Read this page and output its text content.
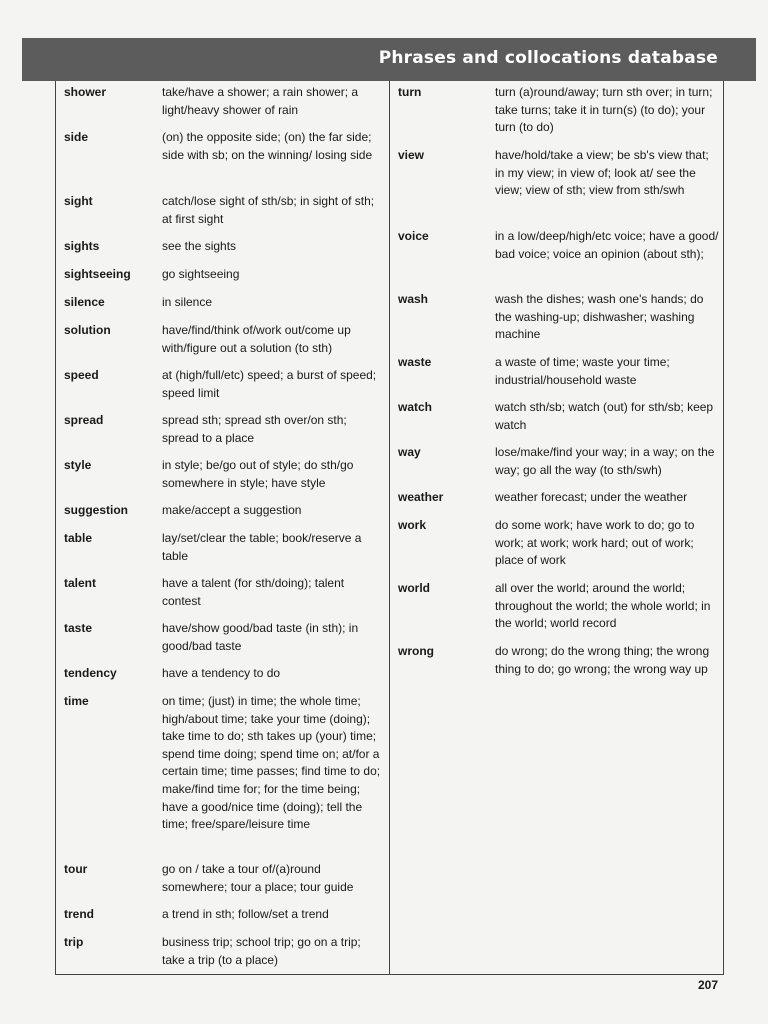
Phrases and collocations database
shower	take/have a shower; a rain shower; a light/heavy shower of rain
side	(on) the opposite side; (on) the far side; side with sb; on the winning/ losing side
sight	catch/lose sight of sth/sb; in sight of sth; at first sight
sights	see the sights
sightseeing	go sightseeing
silence	in silence
solution	have/find/think of/work out/come up with/figure out a solution (to sth)
speed	at (high/full/etc) speed; a burst of speed; speed limit
spread	spread sth; spread sth over/on sth; spread to a place
style	in style; be/go out of style; do sth/go somewhere in style; have style
suggestion	make/accept a suggestion
table	lay/set/clear the table; book/reserve a table
talent	have a talent (for sth/doing); talent contest
taste	have/show good/bad taste (in sth); in good/bad taste
tendency	have a tendency to do
time	on time; (just) in time; the whole time; high/about time; take your time (doing); take time to do; sth takes up (your) time; spend time doing; spend time on; at/for a certain time; time passes; find time to do; make/find time for; for the time being; have a good/nice time (doing); tell the time; free/spare/leisure time
tour	go on / take a tour of/(a)round somewhere; tour a place; tour guide
trend	a trend in sth; follow/set a trend
trip	business trip; school trip; go on a trip; take a trip (to a place)
turn	turn (a)round/away; turn sth over; in turn; take turns; take it in turn(s) (to do); your turn (to do)
view	have/hold/take a view; be sb's view that; in my view; in view of; look at/ see the view; view of sth; view from sth/swh
voice	in a low/deep/high/etc voice; have a good/ bad voice; voice an opinion (about sth);
wash	wash the dishes; wash one's hands; do the washing-up; dishwasher; washing machine
waste	a waste of time; waste your time; industrial/household waste
watch	watch sth/sb; watch (out) for sth/sb; keep watch
way	lose/make/find your way; in a way; on the way; go all the way (to sth/swh)
weather	weather forecast; under the weather
work	do some work; have work to do; go to work; at work; work hard; out of work; place of work
world	all over the world; around the world; throughout the world; the whole world; in the world; world record
wrong	do wrong; do the wrong thing; the wrong thing to do; go wrong; the wrong way up
207
